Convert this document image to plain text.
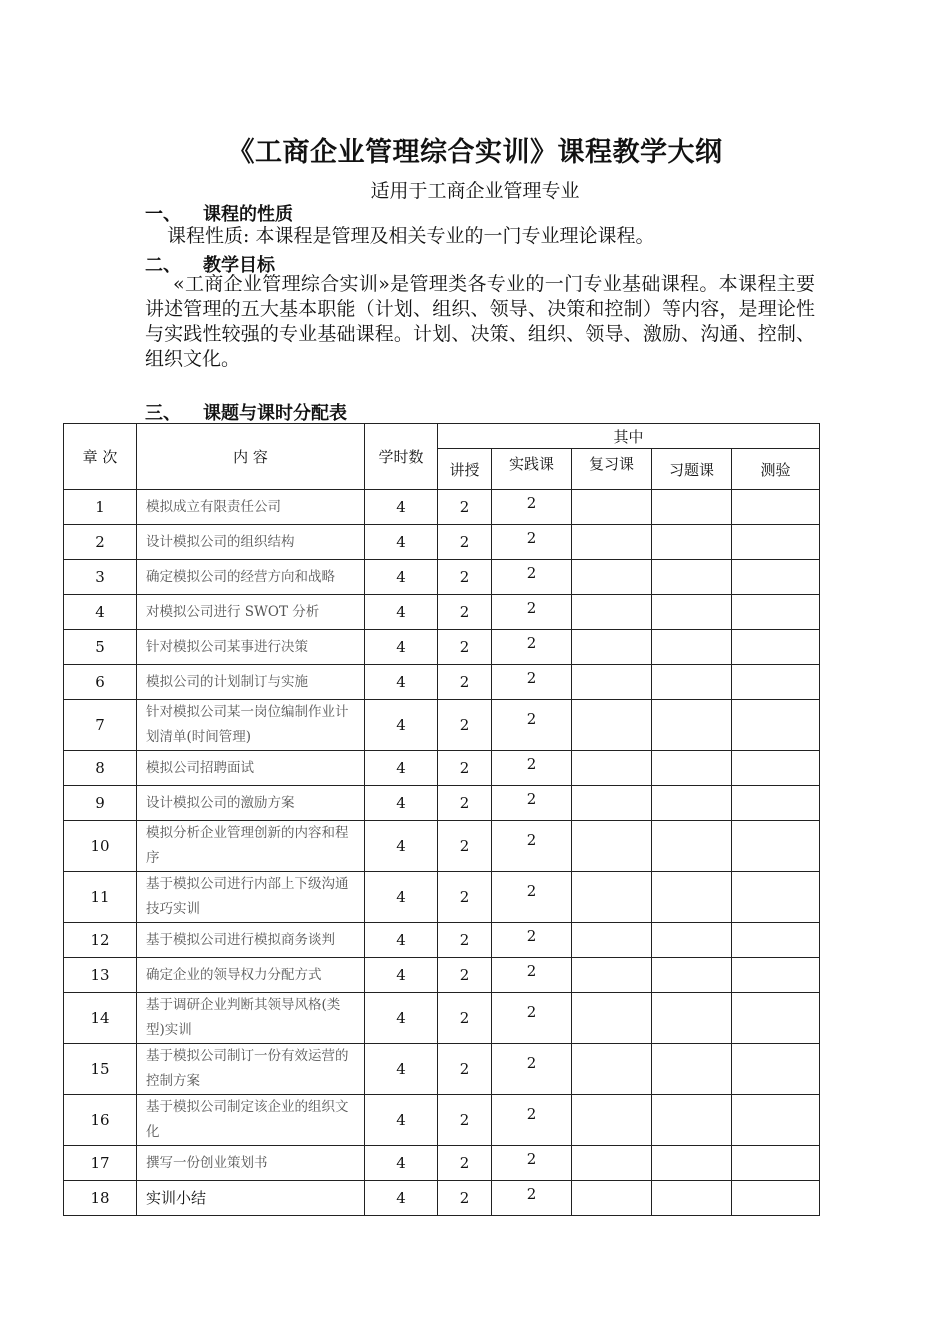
《工商企业管理综合实训》课程教学大纲
适用于工商企业管理专业
一、 课程的性质
课程性质: 本课程是管理及相关专业的一门专业理论课程。
二、 教学目标
«工商企业管理综合实训»是管理类各专业的一门专业基础课程。本课程主要讲述管理的五大基本职能（计划、组织、领导、决策和控制）等内容，是理论性与实践性较强的专业基础课程。计划、决策、组织、领导、激励、沟通、控制、组织文化。
三、 课题与课时分配表
章 次	内 容	学时数	其中				
			讲授	实践课	复习课	习题课	测验
1	模拟成立有限责任公司	4	2	2			
2	设计模拟公司的组织结构	4	2	2			
3	确定模拟公司的经营方向和战略	4	2	2			
4	对模拟公司进行 SWOT 分析	4	2	2			
5	针对模拟公司某事进行决策	4	2	2			
6	模拟公司的计划制订与实施	4	2	2			
7	针对模拟公司某一岗位编制作业计划清单(时间管理)	4	2	2			
8	模拟公司招聘面试	4	2	2			
9	设计模拟公司的激励方案	4	2	2			
10	模拟分析企业管理创新的内容和程序	4	2	2			
11	基于模拟公司进行内部上下级沟通技巧实训	4	2	2			
12	基于模拟公司进行模拟商务谈判	4	2	2			
13	确定企业的领导权力分配方式	4	2	2			
14	基于调研企业判断其领导风格(类型)实训	4	2	2			
15	基于模拟公司制订一份有效运营的控制方案	4	2	2			
16	基于模拟公司制定该企业的组织文化	4	2	2			
17	撰写一份创业策划书	4	2	2			
18	实训小结	4	2	2			
